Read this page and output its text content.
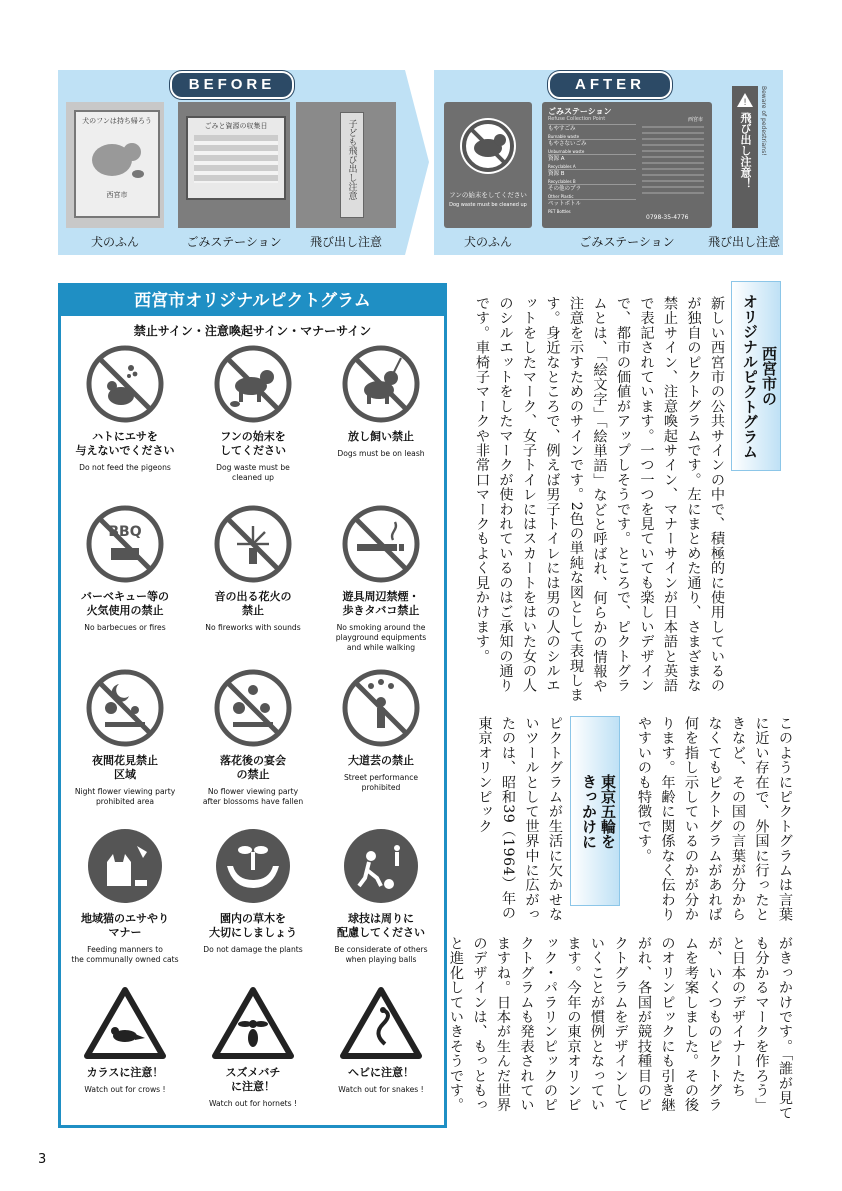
BEFORE
犬のフンは持ち帰ろう
西宮市
ごみと資源の収集日	子ども飛び出し注意
犬のふん	ごみステーション	飛び出し注意
AFTER
フンの始末をしてください
Dog waste must be cleaned up
ごみステーション
Refuse Collection Point	西宮市
もやすごみ
Burnable waste
もやさないごみ
Unburnable waste
資源 A
Recyclables A
資源 B
Recyclables B
その他のプラ
Other Plastic
ペットボトル
PET Bottles
0798-35-4776
!
飛び出し注意！ Beware of pedestrians!
犬のふん	ごみステーション	飛び出し注意
西宮市オリジナルピクトグラム
禁止サイン・注意喚起サイン・マナーサイン
ハトにエサを
与えないでください
Do not feed the pigeons
フンの始末を
してください
Dog waste must be
cleaned up
放し飼い禁止
Dogs must be on leash
BBQ
バーベキュー等の
火気使用の禁止
No barbecues or fires
音の出る花火の
禁止
No fireworks with sounds
遊具周辺禁煙・
歩きタバコ禁止
No smoking around the
playground equipments
and while walking
夜間花見禁止
区域
Night flower viewing party
prohibited area
落花後の宴会
の禁止
No flower viewing party
after blossoms have fallen
大道芸の禁止
Street performance
prohibited
地域猫のエサやり
マナー
Feeding manners to
the communally owned cats
園内の草木を
大切にしましょう
Do not damage the plants
球技は周りに
配慮してください
Be considerate of others
when playing balls
カラスに注意！
Watch out for crows !
スズメバチ
に注意！
Watch out for hornets !
ヘビに注意！
Watch out for snakes !
西宮市の
オリジナルピクトグラム
新しい西宮市の公共サインの中で、積極的に使用しているのが独自のピクトグラムです。左にまとめた通り、さまざまな禁止サイン、注意喚起サイン、マナーサインが日本語と英語で表記されています。一つ一つを見ていても楽しいデザインで、都市の価値がアップしそうです。ところで、ピクトグラムとは、「絵文字」「絵単語」などと呼ばれ、何らかの情報や注意を示すためのサインです。2色の単純な図として表現します。身近なところで、例えば男子トイレには男の人のシルエットをしたマーク、女子トイレにはスカートをはいた女の人のシルエットをしたマークが使われているのはご承知の通りです。車椅子マークや非常口マークもよく見かけます。
このようにピクトグラムは言葉に近い存在で、外国に行ったときなど、その国の言葉が分からなくてもピクトグラムがあれば何を指し示しているのかが分かります。年齢に関係なく伝わりやすいのも特徴です。
東京五輪を
きっかけに
ピクトグラムが生活に欠かせないツールとして世界中に広がったのは、昭和39（1964）年の東京オリンピック
がきっかけです。「誰が見ても分かるマークを作ろう」と日本のデザイナーたちが、いくつものピクトグラムを考案しました。その後のオリンピックにも引き継がれ、各国が競技種目のピクトグラムをデザインしていくことが慣例となっています。今年の東京オリンピック・パラリンピックのピクトグラムも発表されていますね。日本が生んだ世界のデザインは、もっともっと進化していきそうです。
3
